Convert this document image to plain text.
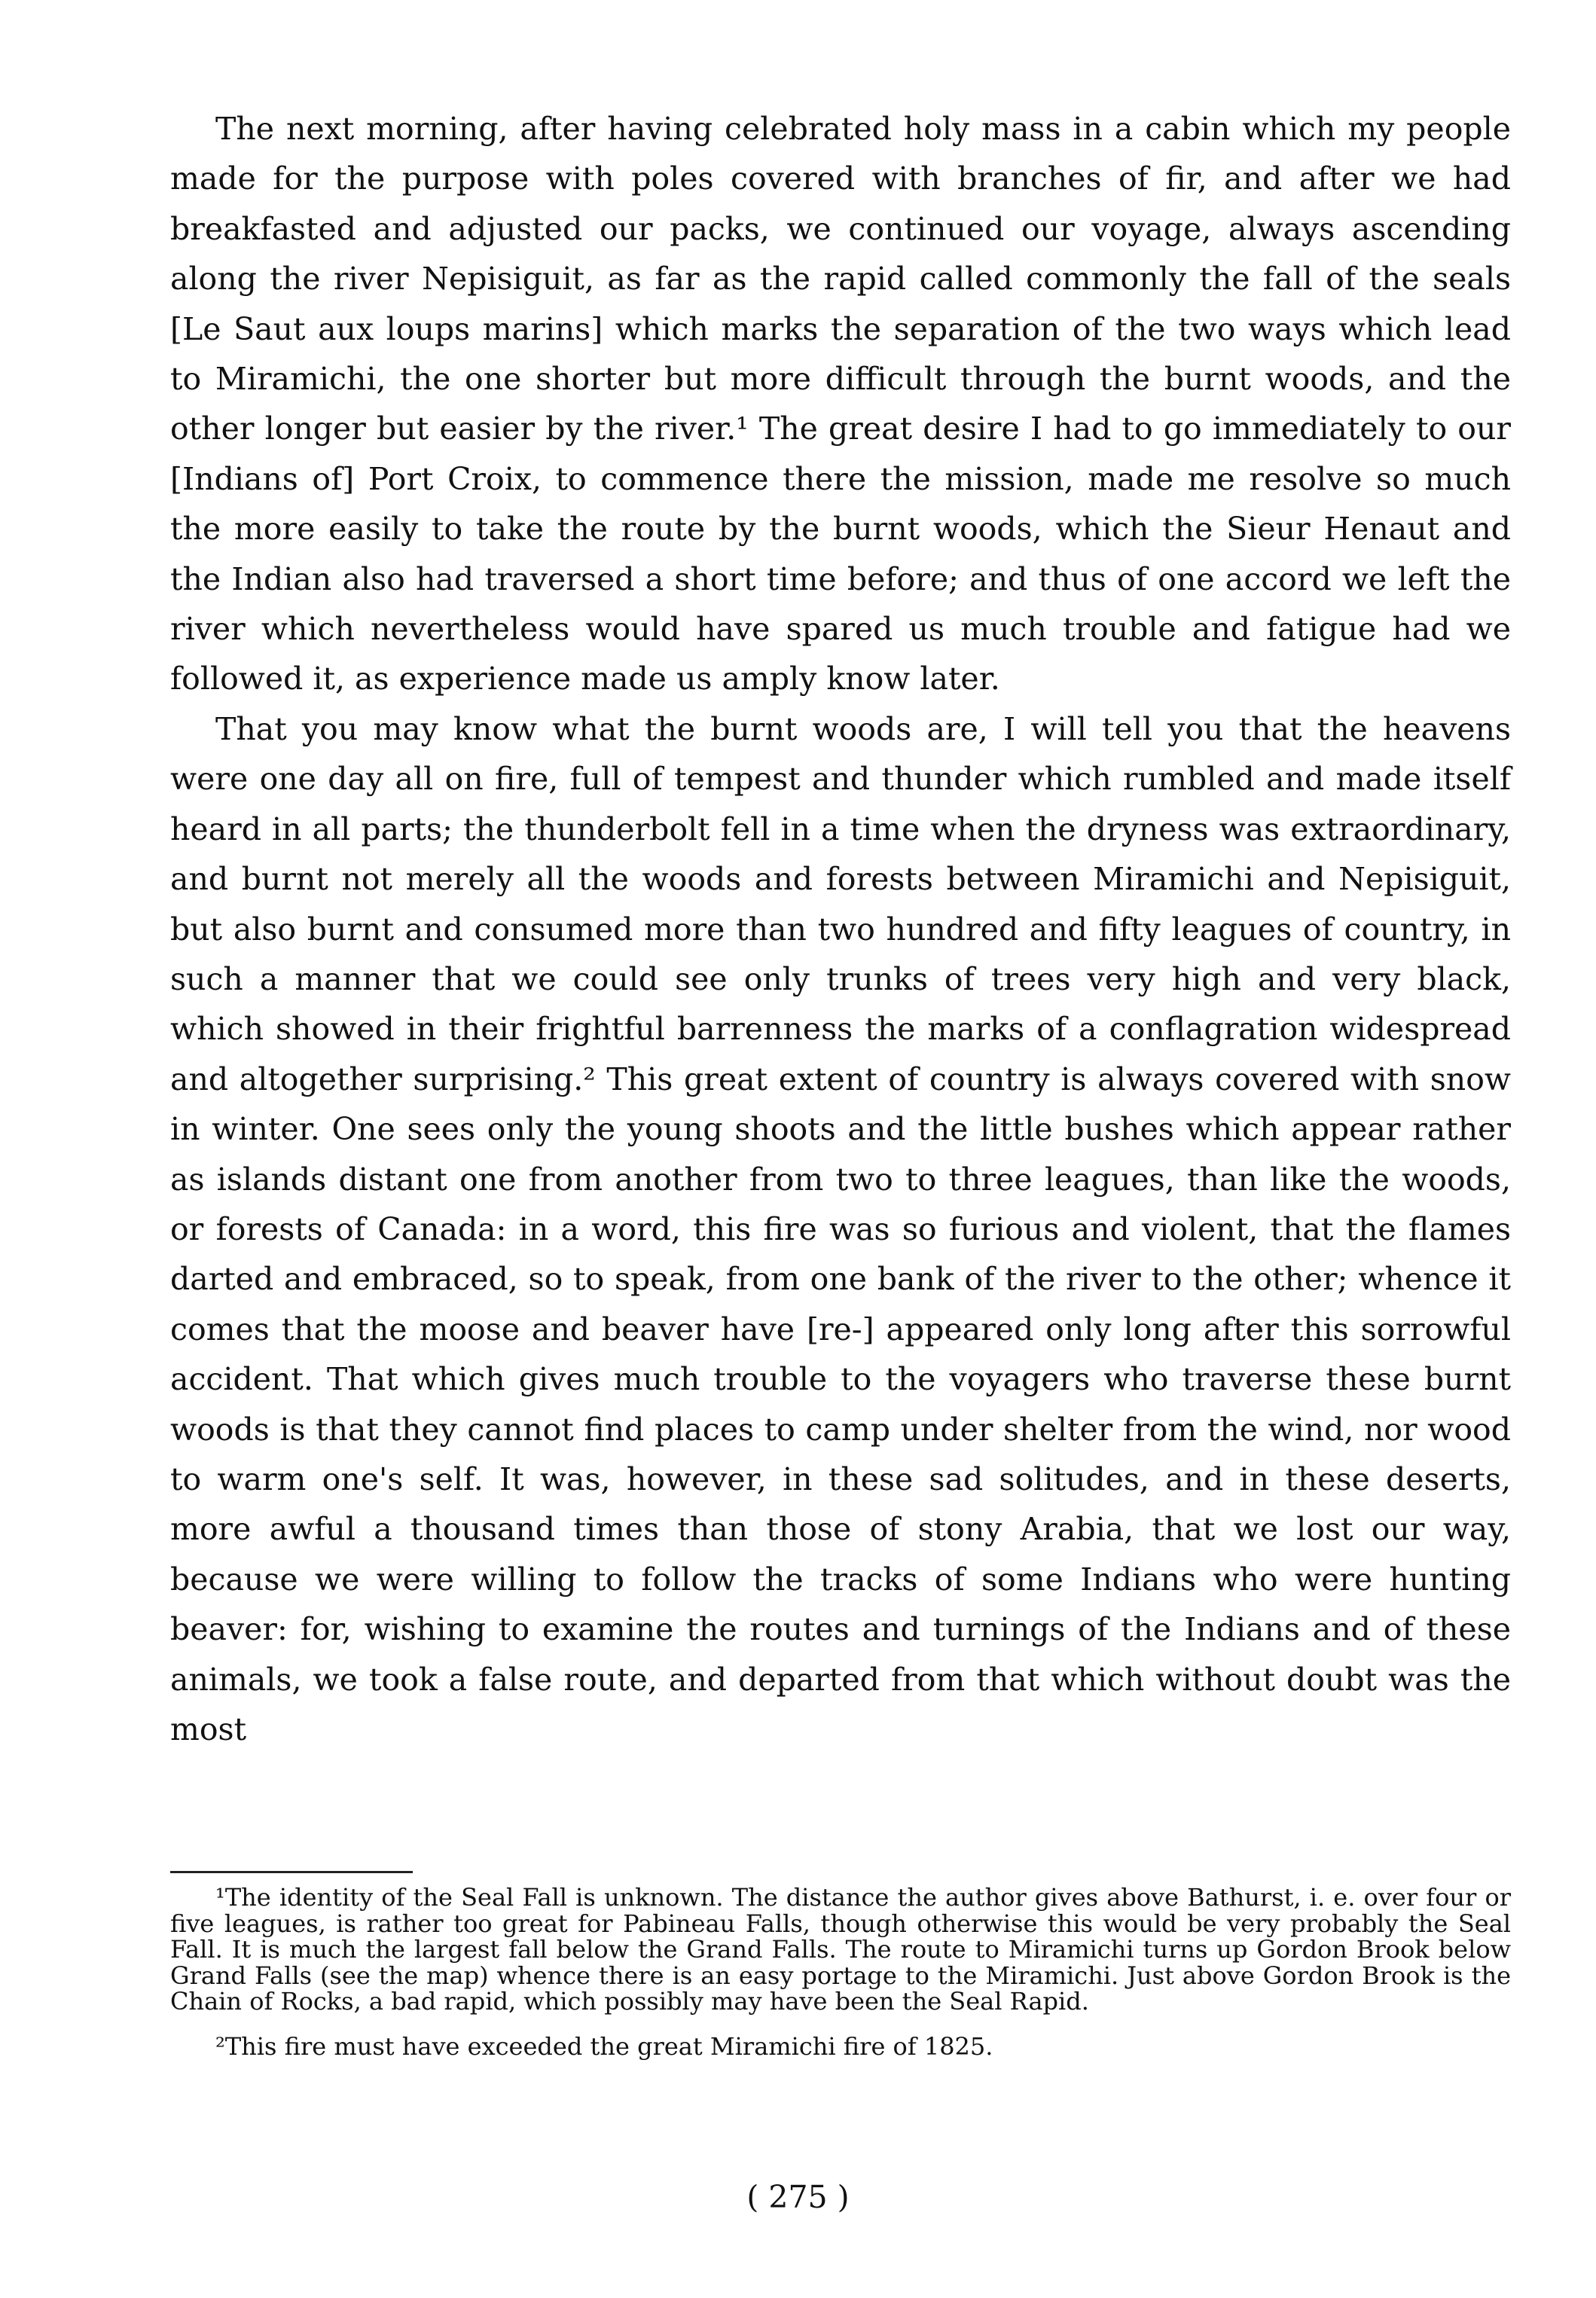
The next morning, after having celebrated holy mass in a cabin which my people made for the purpose with poles covered with branches of fir, and after we had breakfasted and adjusted our packs, we continued our voyage, always ascending along the river Nepisiguit, as far as the rapid called commonly the fall of the seals [Le Saut aux loups marins] which marks the separation of the two ways which lead to Miramichi, the one shorter but more difficult through the burnt woods, and the other longer but easier by the river.¹ The great desire I had to go immediately to our [Indians of] Port Croix, to commence there the mission, made me resolve so much the more easily to take the route by the burnt woods, which the Sieur Henaut and the Indian also had traversed a short time before; and thus of one accord we left the river which nevertheless would have spared us much trouble and fatigue had we followed it, as experience made us amply know later.

That you may know what the burnt woods are, I will tell you that the heavens were one day all on fire, full of tempest and thunder which rumbled and made itself heard in all parts; the thunderbolt fell in a time when the dryness was extraordinary, and burnt not merely all the woods and forests between Miramichi and Nepisiguit, but also burnt and consumed more than two hundred and fifty leagues of country, in such a manner that we could see only trunks of trees very high and very black, which showed in their frightful barrenness the marks of a conflagration widespread and altogether surprising.² This great extent of country is always covered with snow in winter. One sees only the young shoots and the little bushes which appear rather as islands distant one from another from two to three leagues, than like the woods, or forests of Canada: in a word, this fire was so furious and violent, that the flames darted and embraced, so to speak, from one bank of the river to the other; whence it comes that the moose and beaver have [re-] appeared only long after this sorrowful accident. That which gives much trouble to the voyagers who traverse these burnt woods is that they cannot find places to camp under shelter from the wind, nor wood to warm one's self. It was, however, in these sad solitudes, and in these deserts, more awful a thousand times than those of stony Arabia, that we lost our way, because we were willing to follow the tracks of some Indians who were hunting beaver: for, wishing to examine the routes and turnings of the Indians and of these animals, we took a false route, and departed from that which without doubt was the most

¹The identity of the Seal Fall is unknown. The distance the author gives above Bathurst, i. e. over four or five leagues, is rather too great for Pabineau Falls, though otherwise this would be very probably the Seal Fall. It is much the largest fall below the Grand Falls. The route to Miramichi turns up Gordon Brook below Grand Falls (see the map) whence there is an easy portage to the Miramichi. Just above Gordon Brook is the Chain of Rocks, a bad rapid, which possibly may have been the Seal Rapid.

²This fire must have exceeded the great Miramichi fire of 1825.

( 275 )
